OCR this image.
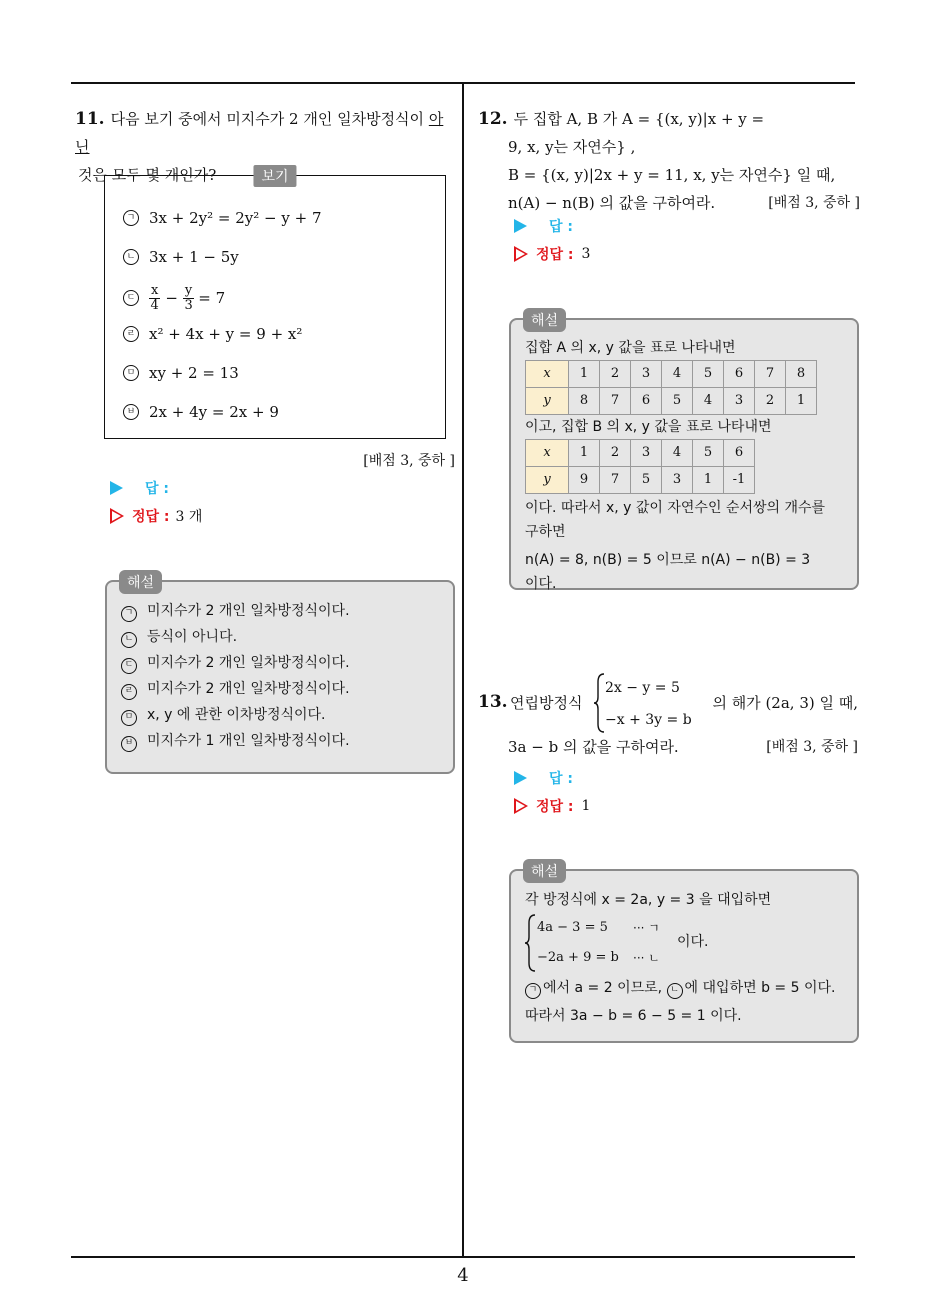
4
11. 다음 보기 중에서 미지수가 2 개인 일차방정식이 아닌
것은 모두 몇 개인가?	보기
ㄱ 3x + 2y² = 2y² − y + 7
ㄴ 3x + 1 − 5y
ㄷ $\frac{x}{4} - \frac{y}{3} = 7$
ㄹ x² + 4x + y = 9 + x²
ㅁ xy + 2 = 13
ㅂ 2x + 4y = 2x + 9
[배점 3, 중하 ]
답 :
정답 : 3 개
해설
ㄱ 미지수가 2 개인 일차방정식이다.
ㄴ 등식이 아니다.
ㄷ 미지수가 2 개인 일차방정식이다.
ㄹ 미지수가 2 개인 일차방정식이다.
ㅁ x, y 에 관한 이차방정식이다.
ㅂ 미지수가 1 개인 일차방정식이다.
12. 두 집합 A, B 가 A = {(x, y)|x + y =
9, x, y는 자연수} ,
B = {(x, y)|2x + y = 11, x, y는 자연수} 일 때,
n(A) − n(B) 의 값을 구하여라.	[배점 3, 중하 ]
답 :
정답 : 3
해설
집합 A 의 x, y 값을 표로 나타내면
x	1	2	3	4	5	6	7	8
y	8	7	6	5	4	3	2	1
이고, 집합 B 의 x, y 값을 표로 나타내면
x	1	2	3	4	5	6
y	9	7	5	3	1	-1
이다. 따라서 x, y 값이 자연수인 순서쌍의 개수를
구하면
n(A) = 8, n(B) = 5 이므로 n(A) − n(B) = 3
이다.
13. 연립방정식
2x − y = 5
−x + 3y = b
의 해가 (2a, 3) 일 때,
3a − b 의 값을 구하여라.	[배점 3, 중하 ]
답 :
정답 : 1
해설
각 방정식에 x = 2a, y = 3 을 대입하면
4a − 3 = 5 ··· ㄱ
−2a + 9 = b ··· ㄴ
이다.
ㄱ 에서 a = 2 이므로, ㄴ 에 대입하면 b = 5 이다.
따라서 3a − b = 6 − 5 = 1 이다.
